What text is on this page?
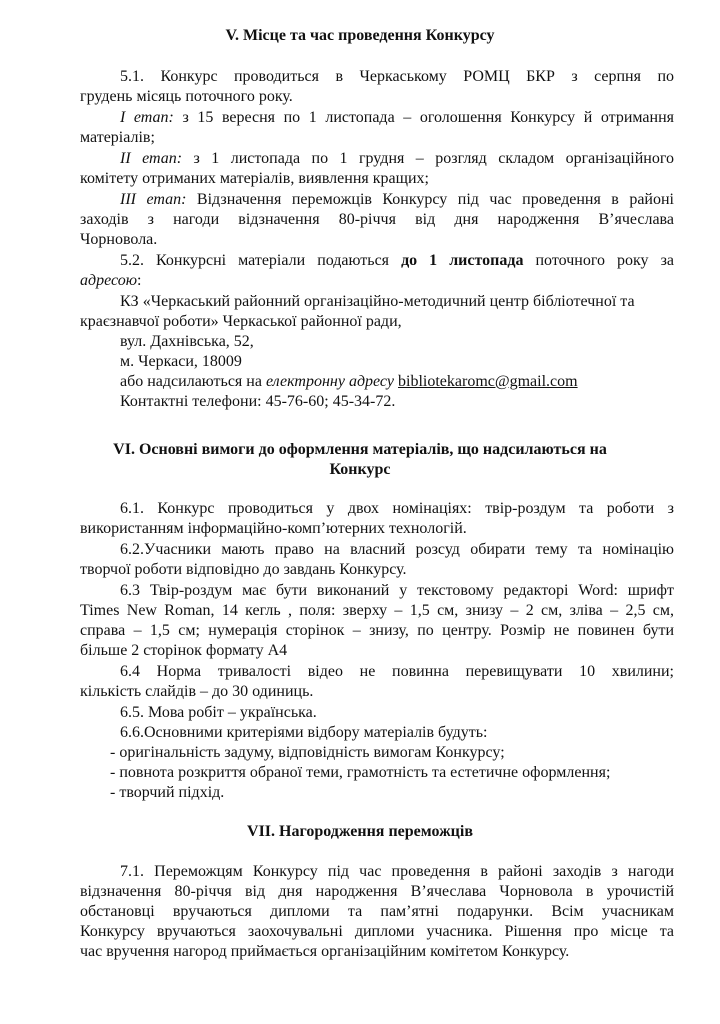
V. Місце та час проведення Конкурсу
5.1. Конкурс проводиться в Черкаському РОМЦ БКР з серпня по
грудень місяць поточного року.
І етап: з 15 вересня по 1 листопада – оголошення Конкурсу й отримання
матеріалів;
ІІ етап: з 1 листопада по 1 грудня – розгляд складом організаційного
комітету отриманих матеріалів, виявлення кращих;
ІІІ етап: Відзначення переможців Конкурсу під час проведення в районі
заходів з нагоди відзначення 80-річчя від дня народження В’ячеслава
Чорновола.
5.2. Конкурсні матеріали подаються до 1 листопада поточного року за
адресою:
КЗ «Черкаський районний організаційно-методичний центр бібліотечної та
краєзнавчої роботи» Черкаської районної ради,
вул. Дахнівська, 52,
м. Черкаси, 18009
або надсилаються на електронну адресу bibliotekaromc@gmail.com
Контактні телефони: 45-76-60; 45-34-72.
VI. Основні вимоги до оформлення матеріалів, що надсилаються на
Конкурс
6.1. Конкурс проводиться у двох номінаціях: твір-роздум та роботи з
використанням інформаційно-комп’ютерних технологій.
6.2.Учасники мають право на власний розсуд обирати тему та номінацію
творчої роботи відповідно до завдань Конкурсу.
6.3 Твір-роздум має бути виконаний у текстовому редакторі Word: шрифт
Times New Roman, 14 кегль , поля: зверху – 1,5 см, знизу – 2 см, зліва – 2,5 см,
справа – 1,5 см; нумерація сторінок – знизу, по центру. Розмір не повинен бути
більше 2 сторінок формату А4
6.4 Норма тривалості відео не повинна перевищувати 10 хвилини;
кількість слайдів – до 30 одиниць.
6.5. Мова робіт – українська.
6.6.Основними критеріями відбору матеріалів будуть:
- оригінальність задуму, відповідність вимогам Конкурсу;
- повнота розкриття обраної теми, грамотність та естетичне оформлення;
- творчий підхід.
VII. Нагородження переможців
7.1. Переможцям Конкурсу під час проведення в районі заходів з нагоди
відзначення 80-річчя від дня народження В’ячеслава Чорновола в урочистій
обстановці вручаються дипломи та пам’ятні подарунки. Всім учасникам
Конкурсу вручаються заохочувальні дипломи учасника. Рішення про місце та
час вручення нагород приймається організаційним комітетом Конкурсу.
